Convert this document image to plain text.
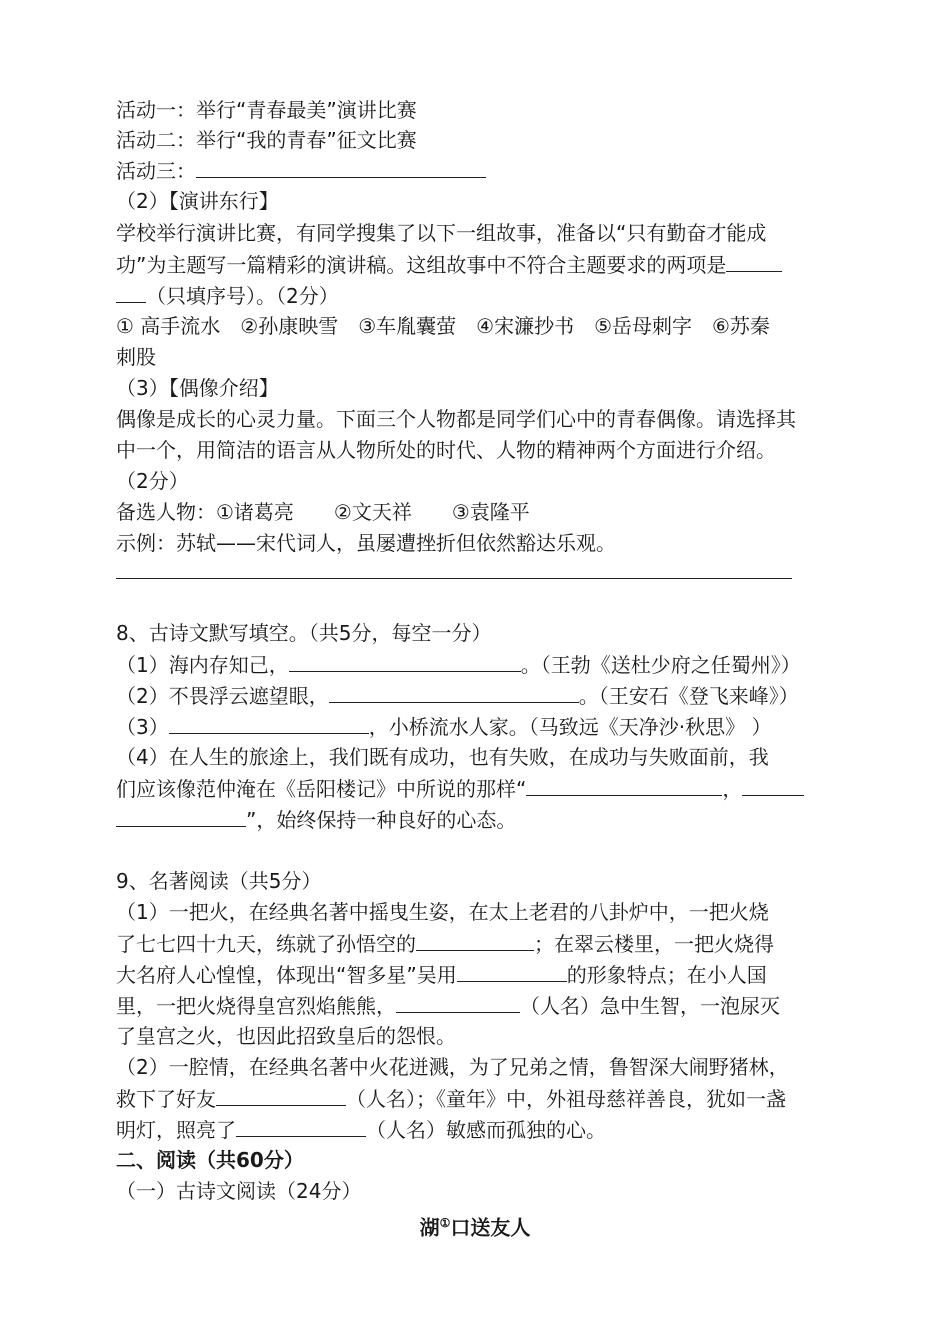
活动一：举行“青春最美”演讲比赛
活动二：举行“我的青春”征文比赛
活动三：
（2）【演讲东行】
学校举行演讲比赛，有同学搜集了以下一组故事，准备以“只有勤奋才能成
功”为主题写一篇精彩的演讲稿。这组故事中不符合主题要求的两项是
（只填序号）。（2分）
① 高手流水　②孙康映雪　③车胤囊萤　④宋濂抄书　⑤岳母刺字　⑥苏秦
刺股
（3）【偶像介绍】
偶像是成长的心灵力量。下面三个人物都是同学们心中的青春偶像。请选择其
中一个，用简洁的语言从人物所处的时代、人物的精神两个方面进行介绍。
（2分）
备选人物：①诸葛亮　　②文天祥　　③袁隆平
示例：苏轼——宋代词人，虽屡遭挫折但依然豁达乐观。
8、古诗文默写填空。（共5分，每空一分）
（1）海内存知己，	。（王勃《送杜少府之任蜀州》）
（2）不畏浮云遮望眼，	。（王安石《登飞来峰》）
（3）	，小桥流水人家。（马致远《天净沙·秋思》 ）
（4）在人生的旅途上，我们既有成功，也有失败，在成功与失败面前，我
们应该像范仲淹在《岳阳楼记》中所说的那样“	，
”，始终保持一种良好的心态。
9、名著阅读（共5分）
（1）一把火，在经典名著中摇曳生姿，在太上老君的八卦炉中，一把火烧
了七七四十九天，练就了孙悟空的	；在翠云楼里，一把火烧得
大名府人心惶惶，体现出“智多星”吴用	的形象特点；在小人国
里，一把火烧得皇宫烈焰熊熊，	（人名）急中生智，一泡尿灭
了皇宫之火，也因此招致皇后的怨恨。
（2）一腔情，在经典名著中火花迸溅，为了兄弟之情，鲁智深大闹野猪林，
救下了好友	（人名）；《童年》中，外祖母慈祥善良，犹如一盏
明灯，照亮了	（人名）敏感而孤独的心。
二、阅读（共60分）
（一）古诗文阅读（24分）
湖①口送友人
